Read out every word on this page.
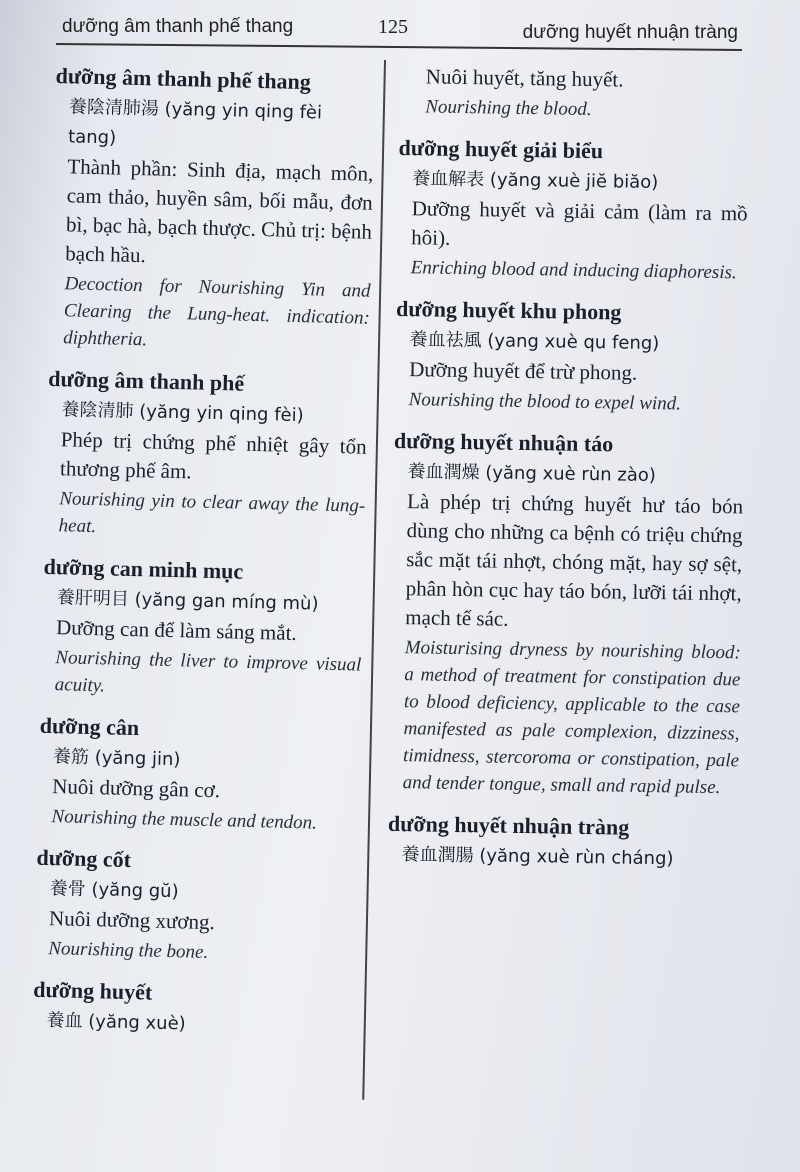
dưỡng âm thanh phế thang	125	dưỡng huyết nhuận tràng
dưỡng âm thanh phế thang
養陰清肺湯 (yăng yin qing fèi tang)
Thành phần: Sinh địa, mạch môn, cam thảo, huyền sâm, bối mẫu, đơn bì, bạc hà, bạch thược. Chủ trị: bệnh bạch hầu.
Decoction for Nourishing Yin and Clearing the Lung-heat. indication: diphtheria.
dưỡng âm thanh phế
養陰清肺 (yăng yin qing fèi)
Phép trị chứng phế nhiệt gây tổn thương phế âm.
Nourishing yin to clear away the lung-heat.
dưỡng can minh mục
養肝明目 (yăng gan míng mù)
Dưỡng can để làm sáng mắt.
Nourishing the liver to improve visual acuity.
dưỡng cân
養筋 (yăng jin)
Nuôi dưỡng gân cơ.
Nourishing the muscle and tendon.
dưỡng cốt
養骨 (yăng gŭ)
Nuôi dưỡng xương.
Nourishing the bone.
dưỡng huyết
養血 (yăng xuè)
Nuôi huyết, tăng huyết.
Nourishing the blood.
dưỡng huyết giải biểu
養血解表 (yăng xuè jiĕ biăo)
Dưỡng huyết và giải cảm (làm ra mồ hôi).
Enriching blood and inducing diaphoresis.
dưỡng huyết khu phong
養血祛風 (yang xuè qu feng)
Dưỡng huyết để trừ phong.
Nourishing the blood to expel wind.
dưỡng huyết nhuận táo
養血潤燥 (yăng xuè rùn zào)
Là phép trị chứng huyết hư táo bón dùng cho những ca bệnh có triệu chứng sắc mặt tái nhợt, chóng mặt, hay sợ sệt, phân hòn cục hay táo bón, lưỡi tái nhợt, mạch tế sác.
Moisturising dryness by nourishing blood: a method of treatment for constipation due to blood deficiency, applicable to the case manifested as pale complexion, dizziness, timidness, stercoroma or constipation, pale and tender tongue, small and rapid pulse.
dưỡng huyết nhuận tràng
養血潤腸 (yăng xuè rùn cháng)
